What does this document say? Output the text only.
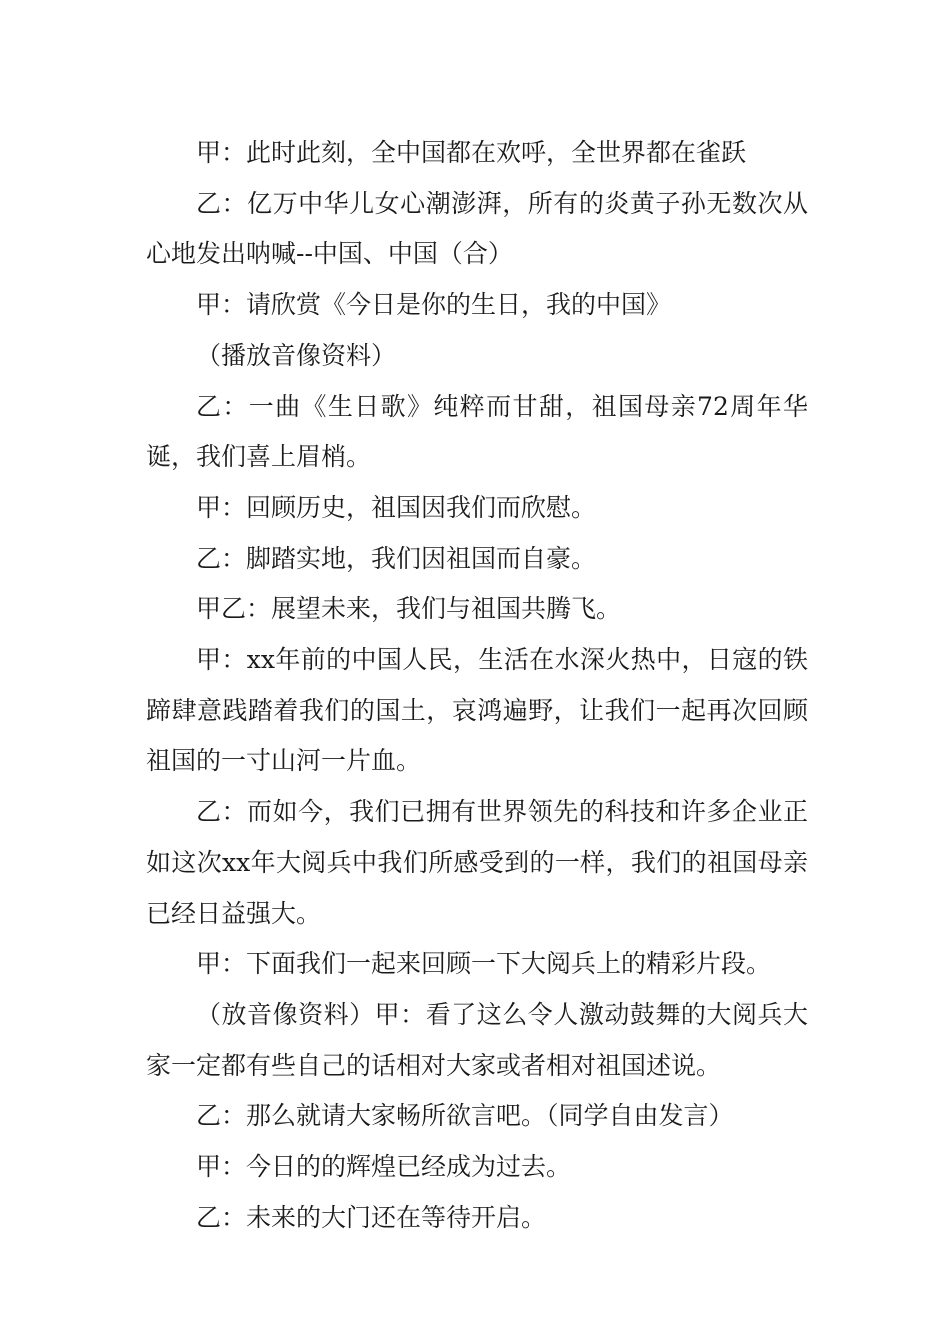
甲：此时此刻，全中国都在欢呼，全世界都在雀跃

乙：亿万中华儿女心潮澎湃，所有的炎黄子孙无数次从心地发出呐喊--中国、中国（合）

甲：请欣赏《今日是你的生日，我的中国》

（播放音像资料）

乙：一曲《生日歌》纯粹而甘甜，祖国母亲72周年华诞，我们喜上眉梢。

甲：回顾历史，祖国因我们而欣慰。

乙：脚踏实地，我们因祖国而自豪。

甲乙：展望未来，我们与祖国共腾飞。

甲：xx年前的中国人民，生活在水深火热中，日寇的铁蹄肆意践踏着我们的国土，哀鸿遍野，让我们一起再次回顾祖国的一寸山河一片血。

乙：而如今，我们已拥有世界领先的科技和许多企业正如这次xx年大阅兵中我们所感受到的一样，我们的祖国母亲已经日益强大。

甲：下面我们一起来回顾一下大阅兵上的精彩片段。

（放音像资料）甲：看了这么令人激动鼓舞的大阅兵大家一定都有些自己的话相对大家或者相对祖国述说。

乙：那么就请大家畅所欲言吧。（同学自由发言）

甲：今日的的辉煌已经成为过去。

乙：未来的大门还在等待开启。
